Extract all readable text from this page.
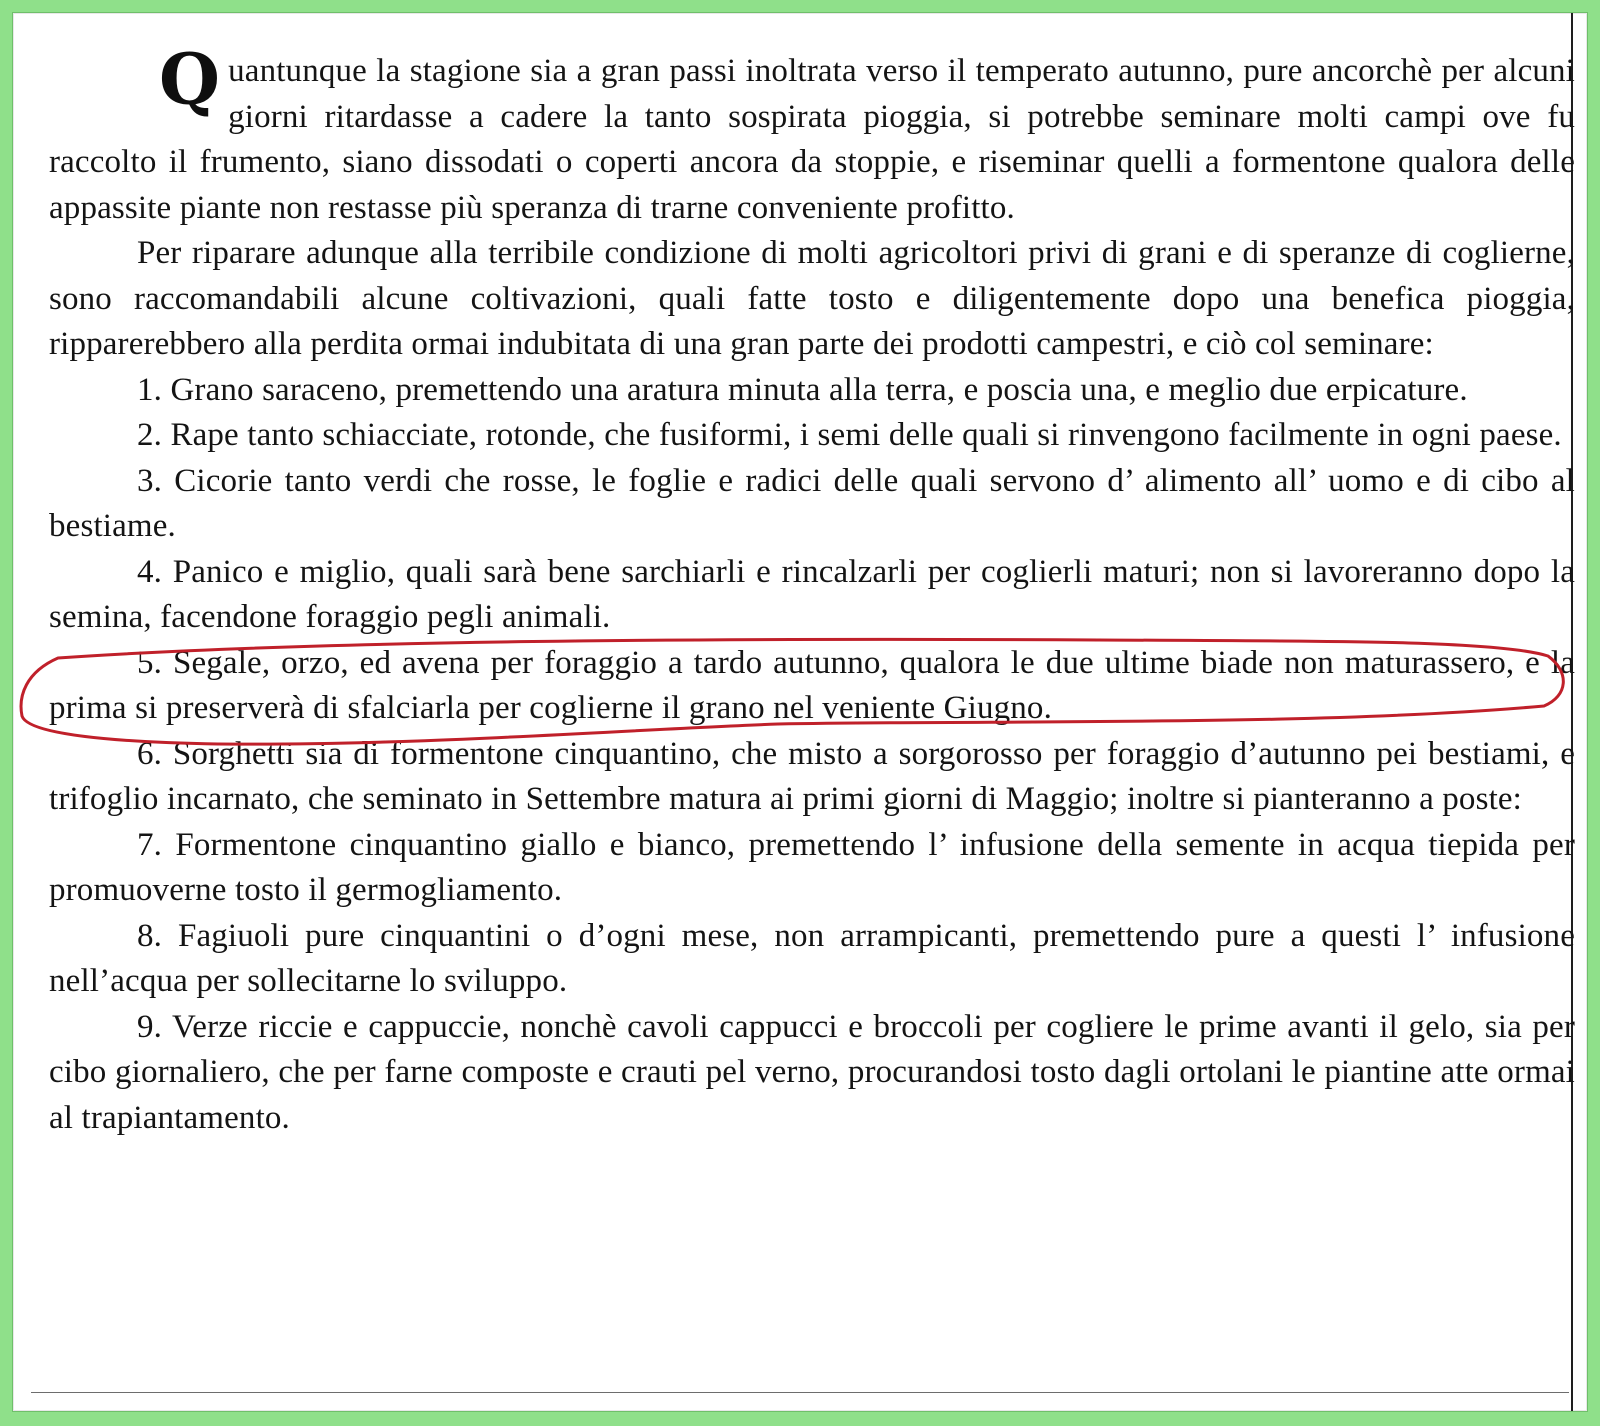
Quantunque la stagione sia a gran passi inoltrata verso il temperato autunno, pure ancorchè per alcuni giorni ritardasse a cadere la tanto sospirata pioggia, si potrebbe seminare molti campi ove fu raccolto il frumento, siano dissodati o coperti ancora da stoppie, e riseminar quelli a formentone qualora delle appassite piante non restasse più speranza di trarne conveniente profitto.

Per riparare adunque alla terribile condizione di molti agricoltori privi di grani e di speranze di coglierne, sono raccomandabili alcune coltivazioni, quali fatte tosto e diligentemente dopo una benefica pioggia, ripparerebbero alla perdita ormai indubitata di una gran parte dei prodotti campestri, e ciò col seminare:

1. Grano saraceno, premettendo una aratura minuta alla terra, e poscia una, e meglio due erpicature.

2. Rape tanto schiacciate, rotonde, che fusiformi, i semi delle quali si rinvengono facilmente in ogni paese.

3. Cicorie tanto verdi che rosse, le foglie e radici delle quali servono d’ alimento all’ uomo e di cibo al bestiame.

4. Panico e miglio, quali sarà bene sarchiarli e rincalzarli per coglierli maturi; non si lavoreranno dopo la semina, facendone foraggio pegli animali.

5. Segale, orzo, ed avena per foraggio a tardo autunno, qualora le due ultime biade non maturassero, e la prima si preserverà di sfalciarla per coglierne il grano nel veniente Giugno.

6. Sorghetti sia di formentone cinquantino, che misto a sorgorosso per foraggio d’autunno pei bestiami, e trifoglio incarnato, che seminato in Settembre matura ai primi giorni di Maggio; inoltre si pianteranno a poste:

7. Formentone cinquantino giallo e bianco, premettendo l’ infusione della semente in acqua tiepida per promuoverne tosto il germogliamento.

8. Fagiuoli pure cinquantini o d’ogni mese, non arrampicanti, premettendo pure a questi l’ infusione nell’acqua per sollecitarne lo sviluppo.

9. Verze riccie e cappuccie, nonchè cavoli cappucci e broccoli per cogliere le prime avanti il gelo, sia per cibo giornaliero, che per farne composte e crauti pel verno, procurandosi tosto dagli ortolani le piantine atte ormai al trapiantamento.
